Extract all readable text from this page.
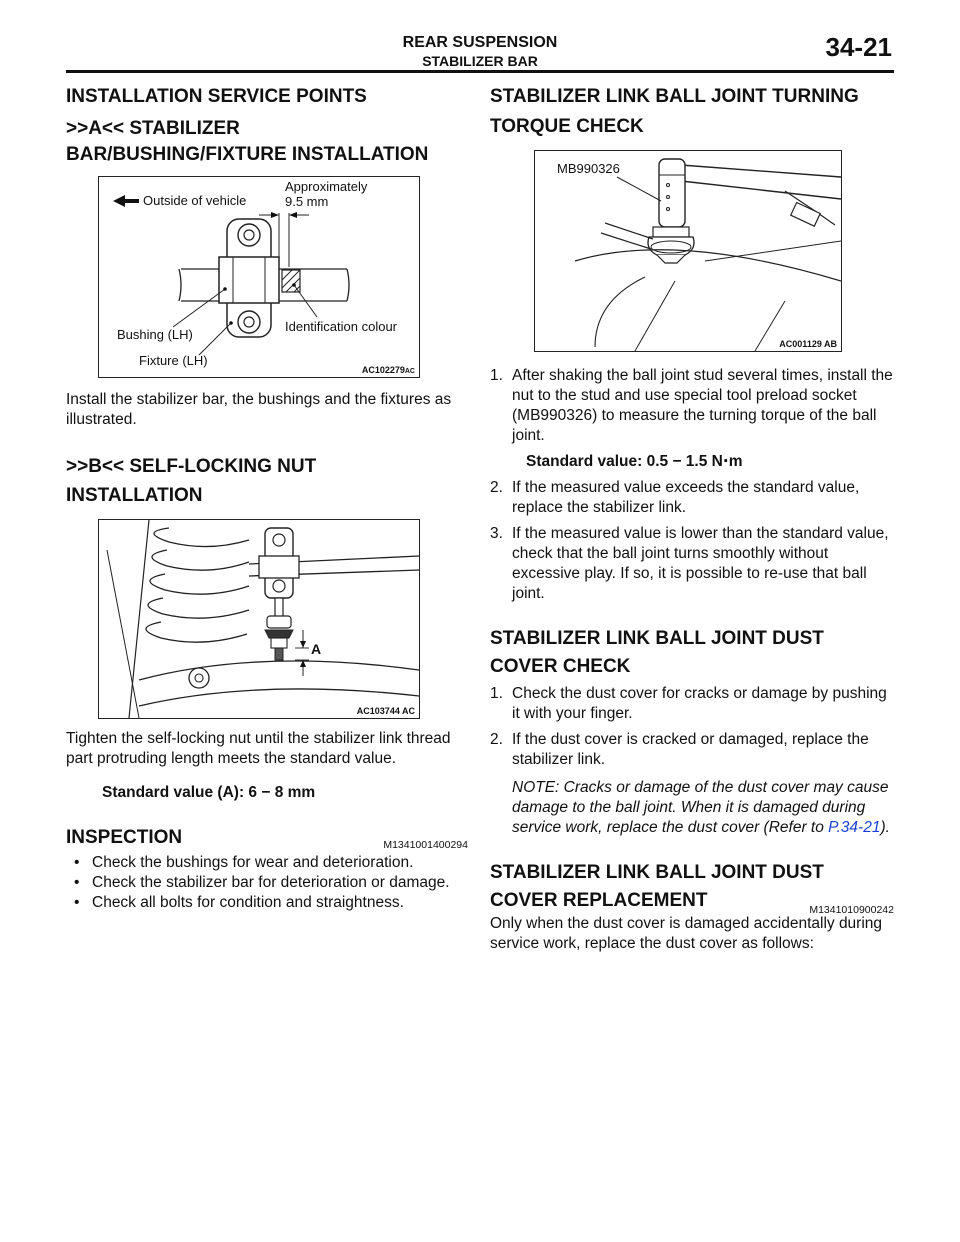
REAR SUSPENSION
STABILIZER BAR	34-21
INSTALLATION SERVICE POINTS
>>A<< STABILIZER
BAR/BUSHING/FIXTURE INSTALLATION
Outside of vehicle
Approximately
9.5 mm
Bushing (LH)
Identification colour
Fixture (LH)
AC102279AC

Install the stabilizer bar, the bushings and the fixtures as illustrated.

>>B<< SELF-LOCKING NUT
INSTALLATION
A
AC103744 AC

Tighten the self-locking nut until the stabilizer link thread part protruding length meets the standard value.

Standard value (A): 6 − 8 mm
INSPECTION	M1341001400294
• Check the bushings for wear and deterioration.
• Check the stabilizer bar for deterioration or damage.
• Check all bolts for condition and straightness.
STABILIZER LINK BALL JOINT TURNING
TORQUE CHECK
MB990326
AC001129 AB
1. After shaking the ball joint stud several times, install the nut to the stud and use special tool preload socket (MB990326) to measure the turning torque of the ball joint.
Standard value: 0.5 − 1.5 N⋅m
2. If the measured value exceeds the standard value, replace the stabilizer link.
3. If the measured value is lower than the standard value, check that the ball joint turns smoothly without excessive play. If so, it is possible to re-use that ball joint.
STABILIZER LINK BALL JOINT DUST
COVER CHECK
1. Check the dust cover for cracks or damage by pushing it with your finger.
2. If the dust cover is cracked or damaged, replace the stabilizer link.
NOTE: Cracks or damage of the dust cover may cause damage to the ball joint. When it is damaged during service work, replace the dust cover (Refer to P.34-21).
STABILIZER LINK BALL JOINT DUST
COVER REPLACEMENT	M1341010900242

Only when the dust cover is damaged accidentally during service work, replace the dust cover as follows:
